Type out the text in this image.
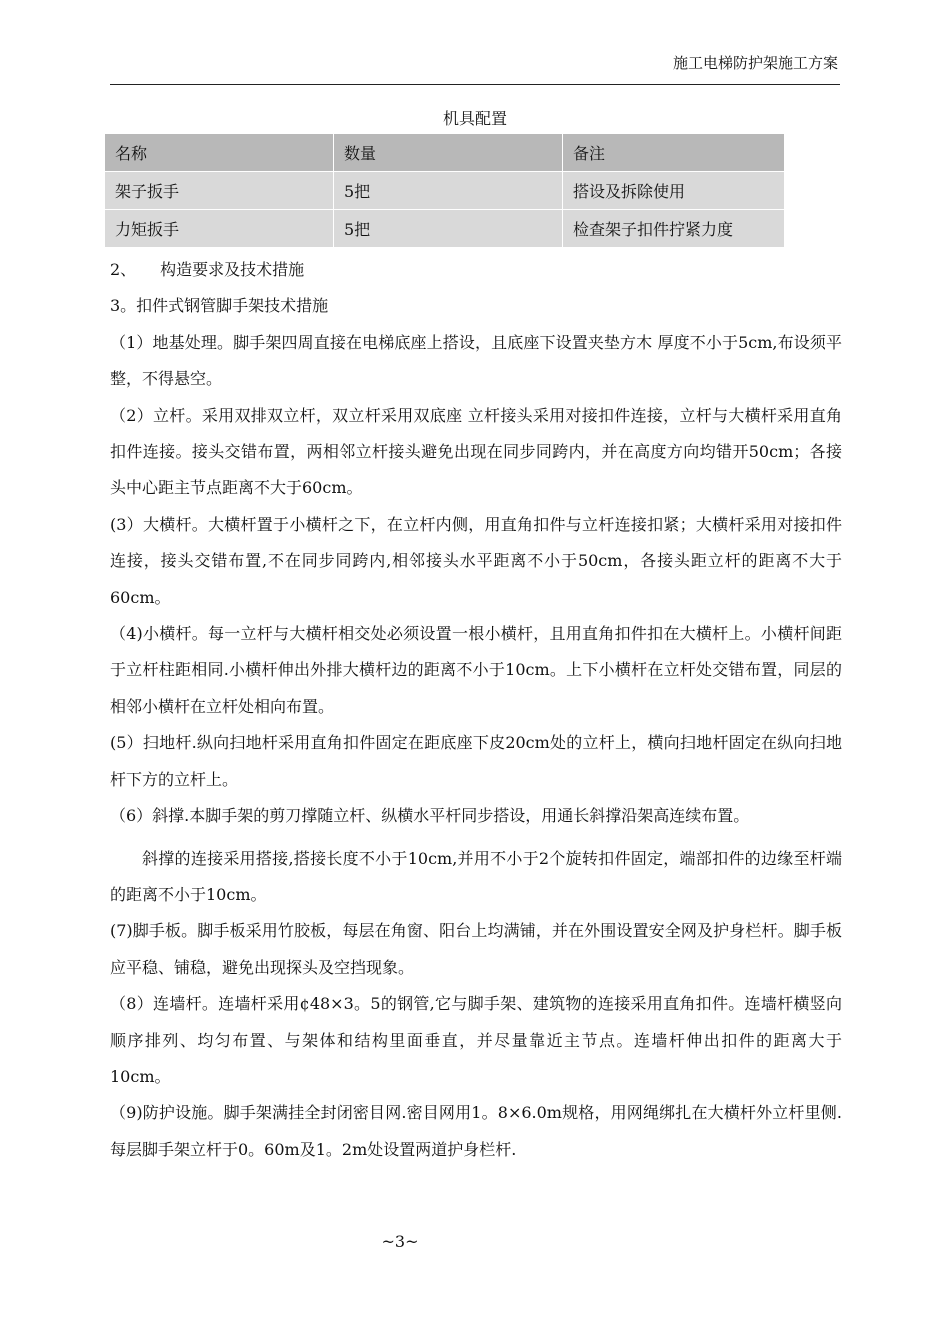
施工电梯防护架施工方案
机具配置
名称	数量	备注
架子扳手	5把	搭设及拆除使用
力矩扳手	5把	检查架子扣件拧紧力度

2、　　构造要求及技术措施

3。扣件式钢管脚手架技术措施

（1）地基处理。脚手架四周直接在电梯底座上搭设，且底座下设置夹垫方木 厚度不小于5cm,布设须平整，不得悬空。

（2）立杆。采用双排双立杆，双立杆采用双底座 立杆接头采用对接扣件连接，立杆与大横杆采用直角扣件连接。接头交错布置，两相邻立杆接头避免出现在同步同跨内，并在高度方向均错开50cm；各接头中心距主节点距离不大于60cm。

(3）大横杆。大横杆置于小横杆之下，在立杆内侧，用直角扣件与立杆连接扣紧；大横杆采用对接扣件连接，接头交错布置,不在同步同跨内,相邻接头水平距离不小于50cm，各接头距立杆的距离不大于60cm。

（4)小横杆。每一立杆与大横杆相交处必须设置一根小横杆，且用直角扣件扣在大横杆上。小横杆间距于立杆柱距相同.小横杆伸出外排大横杆边的距离不小于10cm。上下小横杆在立杆处交错布置，同层的相邻小横杆在立杆处相向布置。

(5）扫地杆.纵向扫地杆采用直角扣件固定在距底座下皮20cm处的立杆上，横向扫地杆固定在纵向扫地杆下方的立杆上。

（6）斜撑.本脚手架的剪刀撑随立杆、纵横水平杆同步搭设，用通长斜撑沿架高连续布置。

斜撑的连接采用搭接,搭接长度不小于10cm,并用不小于2个旋转扣件固定，端部扣件的边缘至杆端的距离不小于10cm。

(7)脚手板。脚手板采用竹胶板，每层在角窗、阳台上均满铺，并在外围设置安全网及护身栏杆。脚手板应平稳、铺稳，避免出现探头及空挡现象。

（8）连墙杆。连墙杆采用¢48×3。5的钢管,它与脚手架、建筑物的连接采用直角扣件。连墙杆横竖向顺序排列、均匀布置、与架体和结构里面垂直，并尽量靠近主节点。连墙杆伸出扣件的距离大于10cm。

（9)防护设施。脚手架满挂全封闭密目网.密目网用1。8×6.0m规格，用网绳绑扎在大横杆外立杆里侧.每层脚手架立杆于0。60m及1。2m处设置两道护身栏杆.

~3~
